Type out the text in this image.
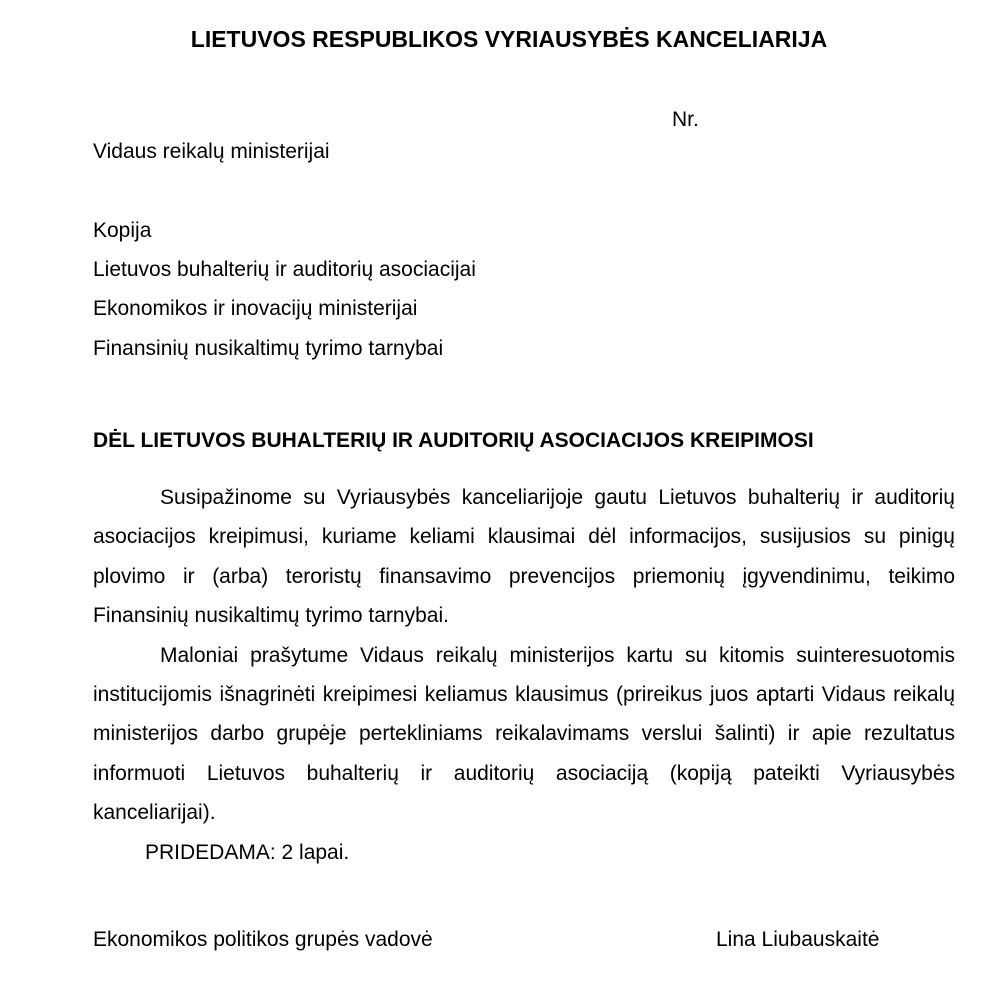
LIETUVOS RESPUBLIKOS VYRIAUSYBĖS KANCELIARIJA
Nr.
Vidaus reikalų ministerijai
Kopija
Lietuvos buhalterių ir auditorių asociacijai
Ekonomikos ir inovacijų ministerijai
Finansinių nusikaltimų tyrimo tarnybai
DĖL LIETUVOS BUHALTERIŲ IR AUDITORIŲ ASOCIACIJOS KREIPIMOSI

Susipažinome su Vyriausybės kanceliarijoje gautu Lietuvos buhalterių ir auditorių asociacijos kreipimusi, kuriame keliami klausimai dėl informacijos, susijusios su pinigų plovimo ir (arba) teroristų finansavimo prevencijos priemonių įgyvendinimu, teikimo Finansinių nusikaltimų tyrimo tarnybai.

Maloniai prašytume Vidaus reikalų ministerijos kartu su kitomis suinteresuotomis institucijomis išnagrinėti kreipimesi keliamus klausimus (prireikus juos aptarti Vidaus reikalų ministerijos darbo grupėje pertekliniams reikalavimams verslui šalinti) ir apie rezultatus informuoti Lietuvos buhalterių ir auditorių asociaciją (kopiją pateikti Vyriausybės kanceliarijai).

PRIDEDAMA: 2 lapai.

Ekonomikos politikos grupės vadovė	Lina Liubauskaitė
